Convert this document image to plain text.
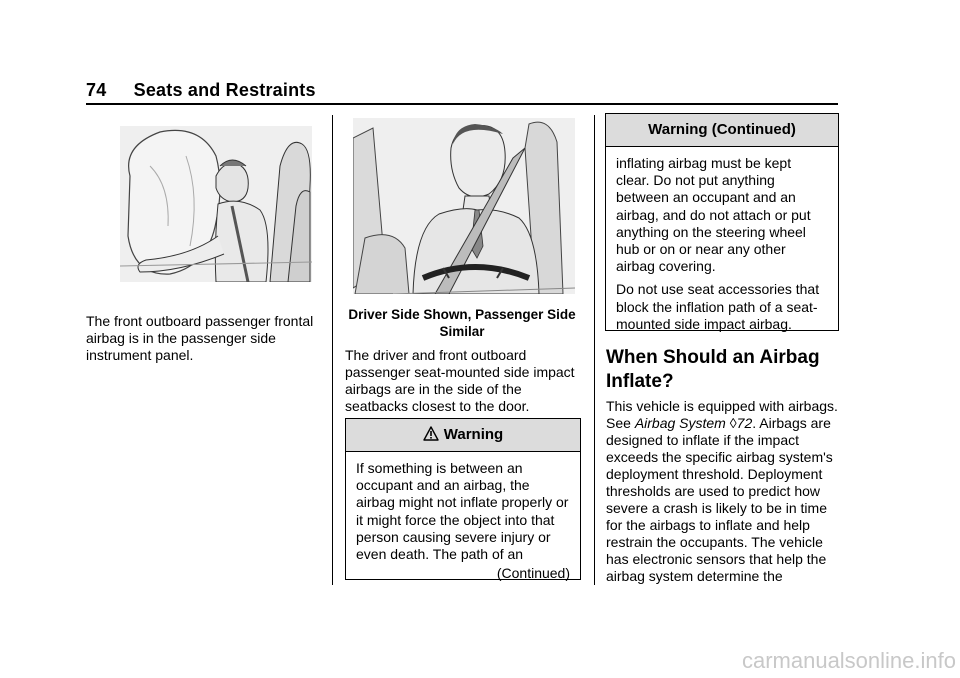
74 Seats and Restraints
The front outboard passenger frontal airbag is in the passenger side instrument panel.
Driver Side Shown, Passenger Side Similar
The driver and front outboard passenger seat-mounted side impact airbags are in the side of the seatbacks closest to the door.
Warning

If something is between an occupant and an airbag, the airbag might not inflate properly or it might force the object into that person causing severe injury or even death. The path of an

(Continued)
Warning (Continued)

inflating airbag must be kept clear. Do not put anything between an occupant and an airbag, and do not attach or put anything on the steering wheel hub or on or near any other airbag covering.

Do not use seat accessories that block the inflation path of a seat-mounted side impact airbag.

When Should an Airbag Inflate?
This vehicle is equipped with airbags. See Airbag System ◊72. Airbags are designed to inflate if the impact exceeds the specific airbag system's deployment threshold. Deployment thresholds are used to predict how severe a crash is likely to be in time for the airbags to inflate and help restrain the occupants. The vehicle has electronic sensors that help the airbag system determine the
carmanualsonline.info
